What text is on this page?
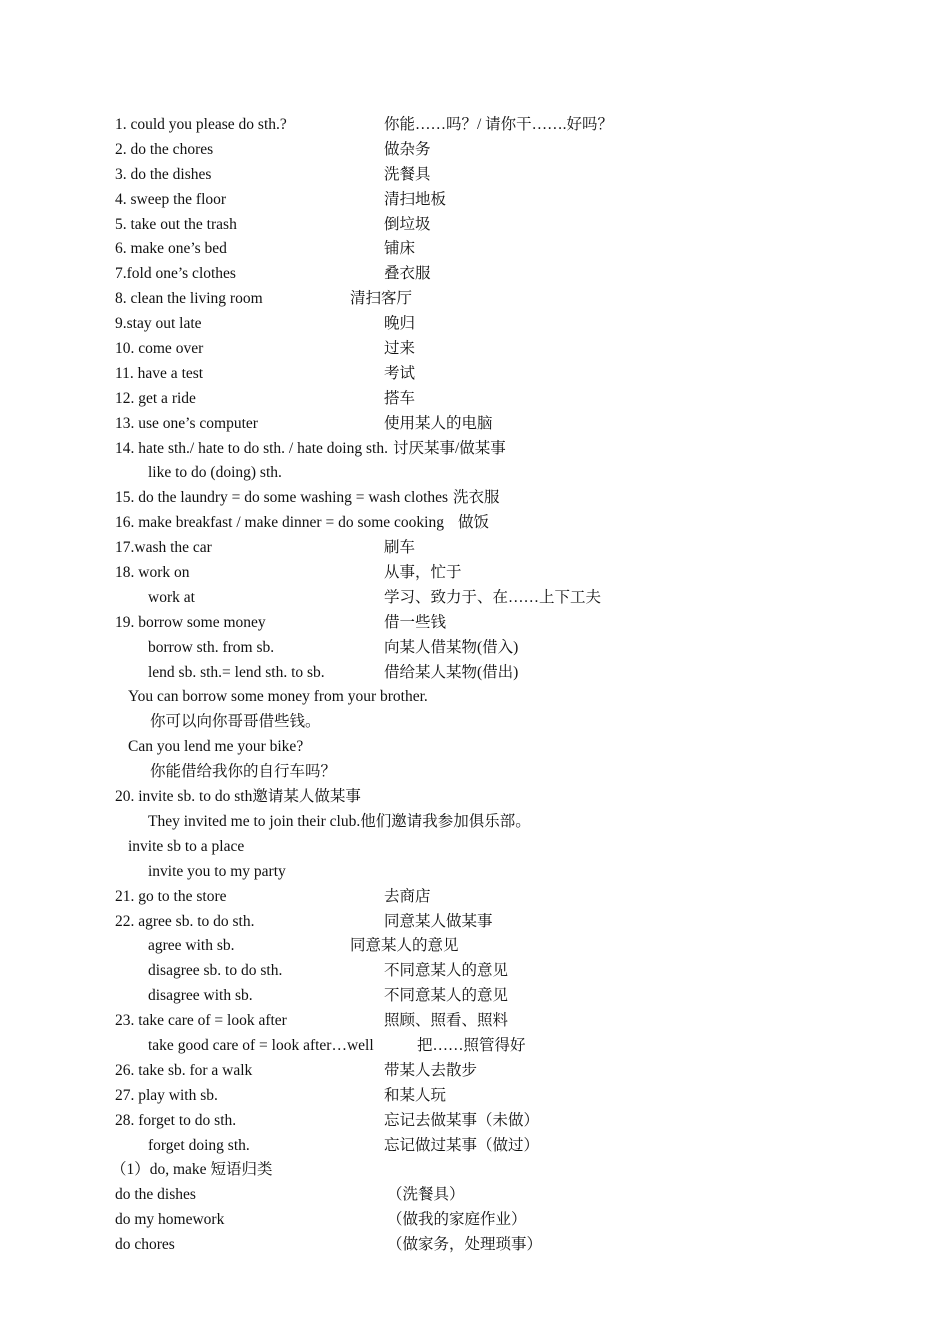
1. could you please do sth.?	你能……吗？/ 请你干…….好吗？
2. do the chores	做杂务
3. do the dishes	洗餐具
4. sweep the floor	清扫地板
5. take out the trash	倒垃圾
6. make one’s bed	铺床
7.fold one’s clothes	叠衣服
8. clean the living room	清扫客厅
9.stay out late	晚归
10. come over	过来
11. have a test	考试
12. get a ride	搭车
13. use one’s computer	使用某人的电脑
14. hate sth./ hate to do sth. / hate doing sth. 讨厌某事/做某事
like to do (doing) sth.
15. do the laundry = do some washing = wash clothes 洗衣服
16. make breakfast / make dinner = do some cooking 做饭
17.wash the car	刷车
18. work on	从事，忙于
work at	学习、致力于、在……上下工夫
19. borrow some money	借一些钱
borrow sth. from sb.	向某人借某物(借入)
lend sb. sth.= lend sth. to sb.	借给某人某物(借出)
You can borrow some money from your brother.
你可以向你哥哥借些钱。
Can you lend me your bike?
你能借给我你的自行车吗？
20. invite sb. to do sth邀请某人做某事
They invited me to join their club.他们邀请我参加俱乐部。
invite sb to a place
invite you to my party
21. go to the store	去商店
22. agree sb. to do sth.	同意某人做某事
agree with sb.	同意某人的意见
disagree sb. to do sth.	不同意某人的意见
disagree with sb.	不同意某人的意见
23. take care of = look after	照顾、照看、照料
take good care of = look after…well	把……照管得好
26. take sb. for a walk	带某人去散步
27. play with sb.	和某人玩
28. forget to do sth.	忘记去做某事（未做）
forget doing sth.	忘记做过某事（做过）
（1）do, make 短语归类
do the dishes	（洗餐具）
do my homework	（做我的家庭作业）
do chores	（做家务，处理琐事）
